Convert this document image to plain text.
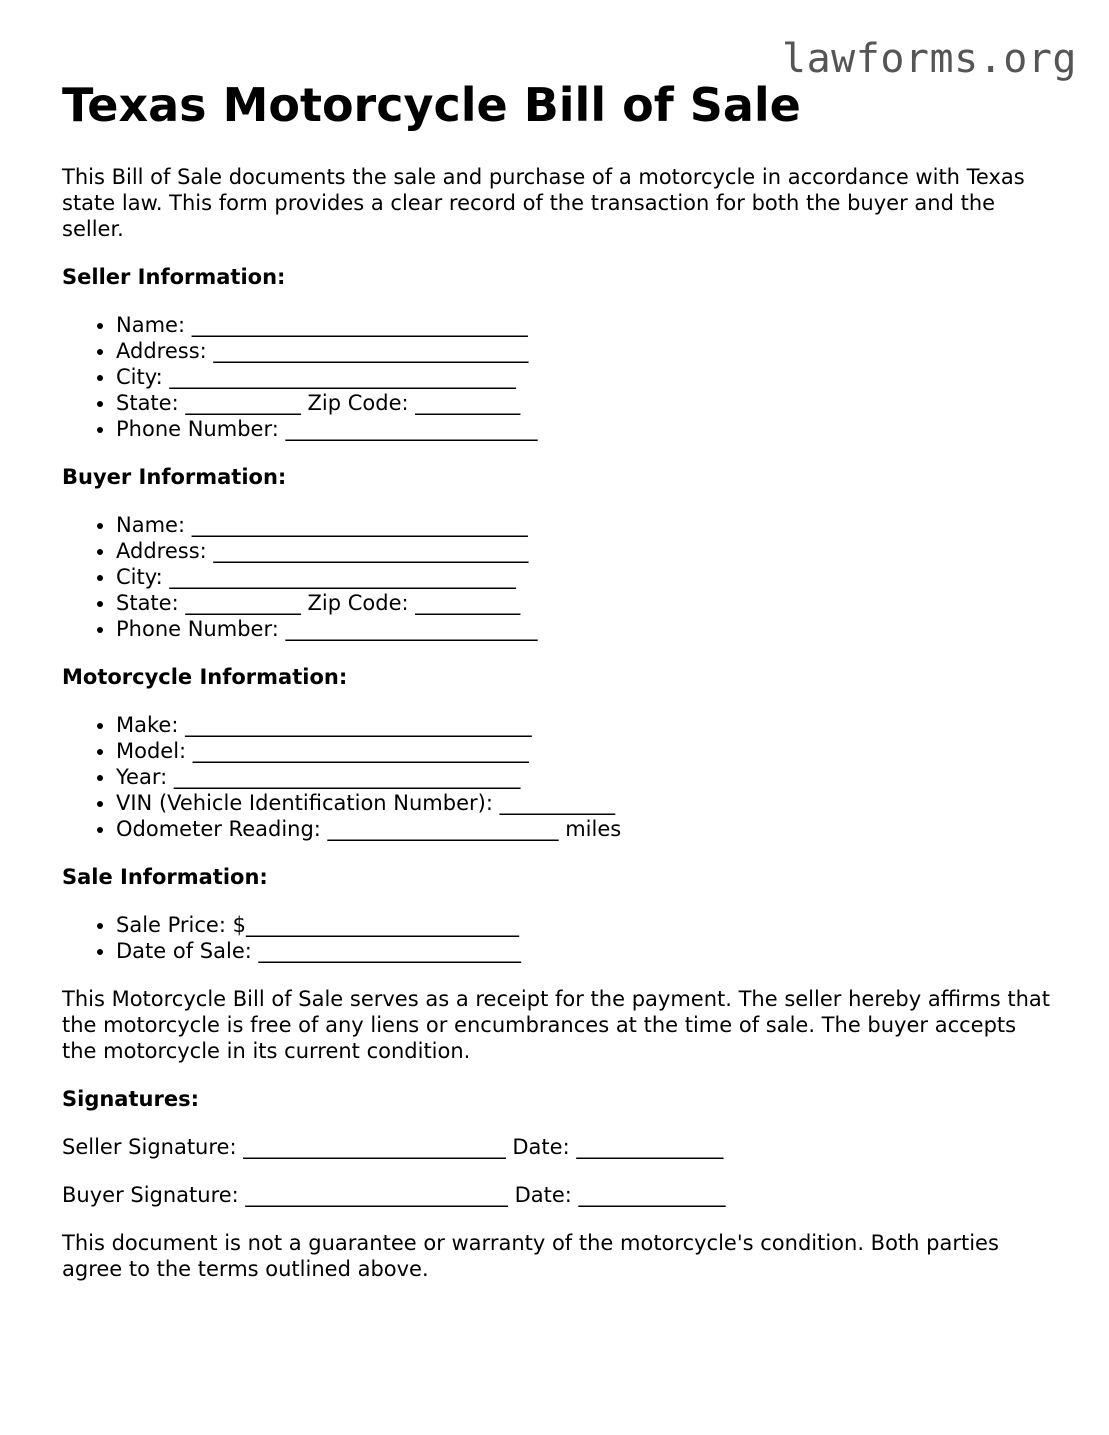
lawforms.org
Texas Motorcycle Bill of Sale

This Bill of Sale documents the sale and purchase of a motorcycle in accordance with Texas state law. This form provides a clear record of the transaction for both the buyer and the seller.

Seller Information:
• Name: ________________________________
• Address: ______________________________
• City: _________________________________
• State: ___________ Zip Code: __________
• Phone Number: ________________________
Buyer Information:
• Name: ________________________________
• Address: ______________________________
• City: _________________________________
• State: ___________ Zip Code: __________
• Phone Number: ________________________
Motorcycle Information:
• Make: _________________________________
• Model: ________________________________
• Year: _________________________________
• VIN (Vehicle Identification Number): ___________
• Odometer Reading: ______________________ miles
Sale Information:
• Sale Price: $__________________________
• Date of Sale: _________________________

This Motorcycle Bill of Sale serves as a receipt for the payment. The seller hereby affirms that the motorcycle is free of any liens or encumbrances at the time of sale. The buyer accepts the motorcycle in its current condition.

Signatures:

Seller Signature: _________________________ Date: ______________

Buyer Signature: _________________________ Date: ______________

This document is not a guarantee or warranty of the motorcycle's condition. Both parties agree to the terms outlined above.
